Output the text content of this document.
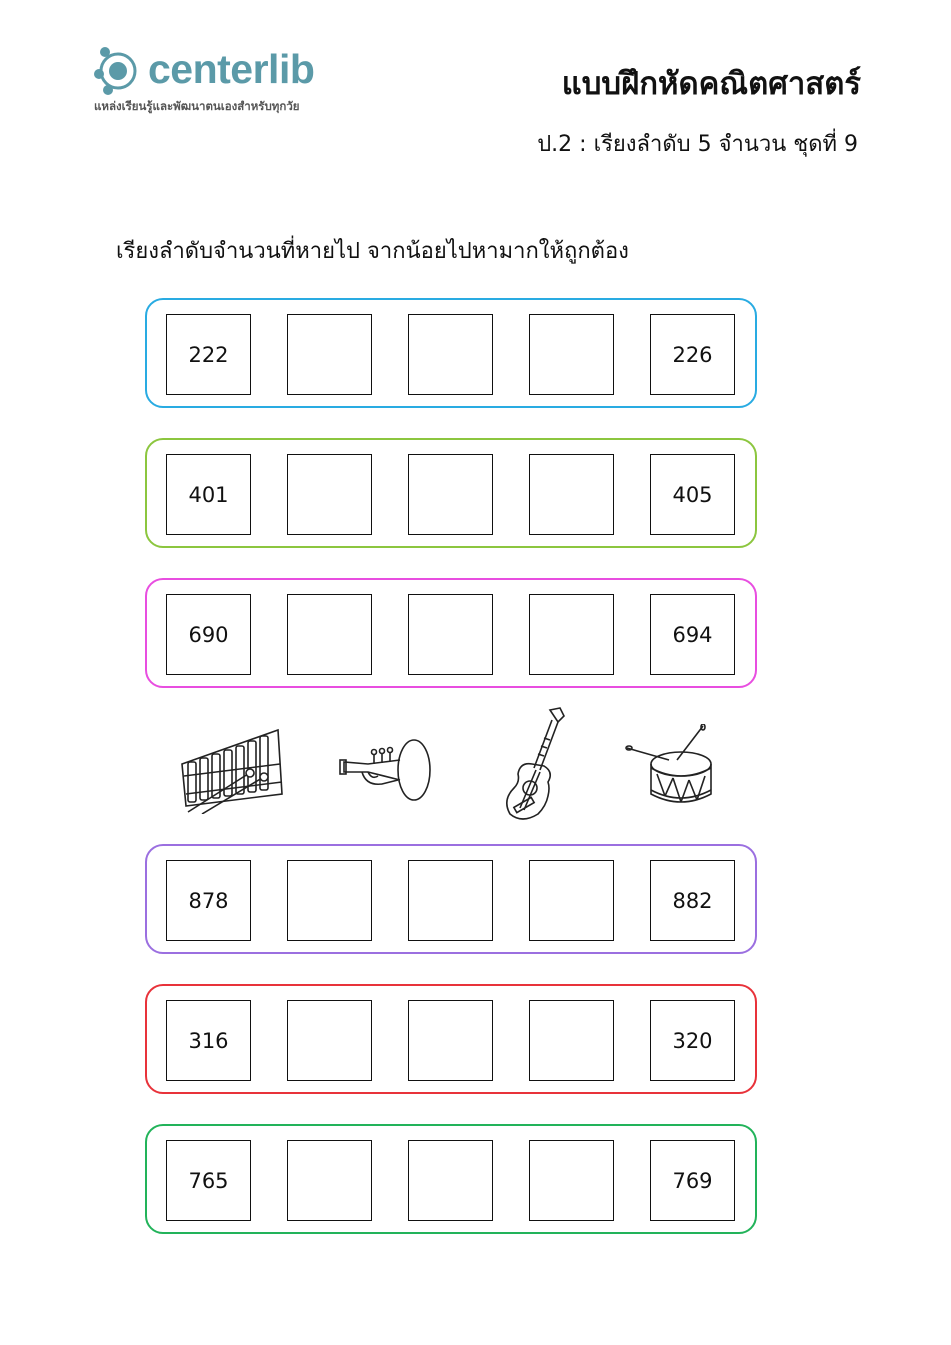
centerlib
แหล่งเรียนรู้และพัฒนาตนเองสำหรับทุกวัย
แบบฝึกหัดคณิตศาสตร์
ป.2 : เรียงลำดับ 5 จำนวน ชุดที่ 9
เรียงลำดับจำนวนที่หายไป จากน้อยไปหามากให้ถูกต้อง
222	226
401	405
690	694
878	882
316	320
765	769
